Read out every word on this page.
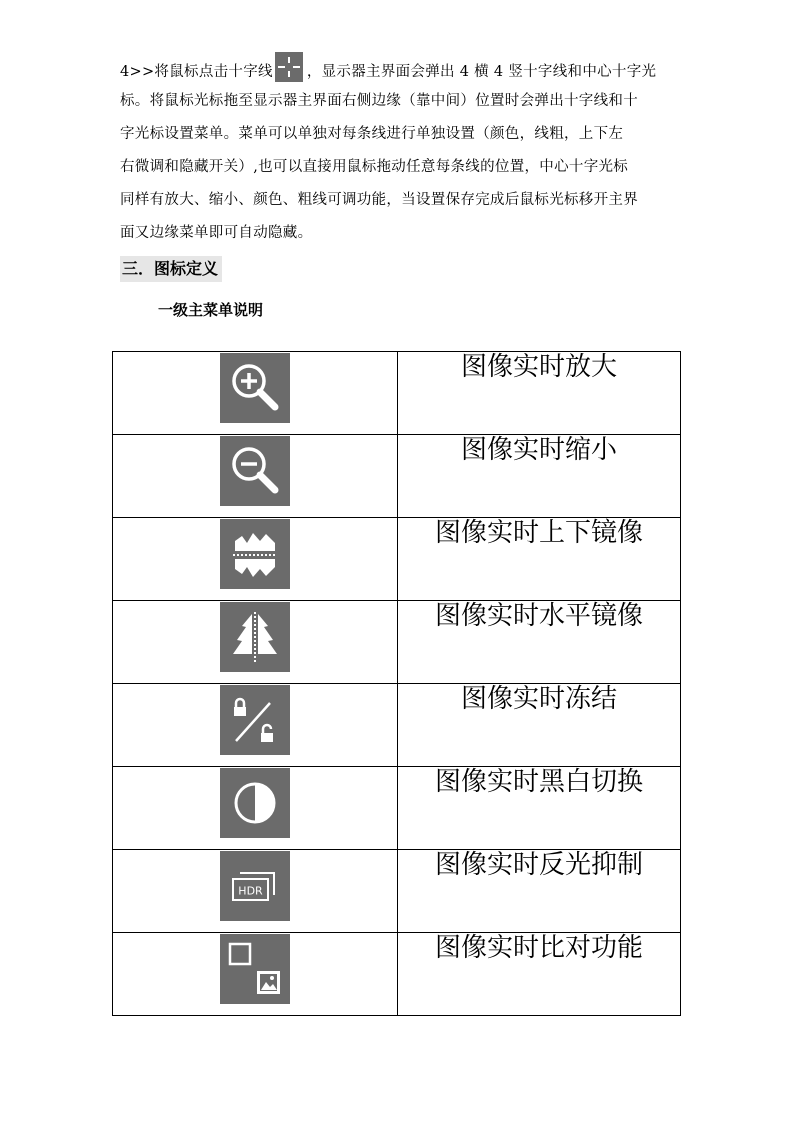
4>>将鼠标点击十字线 ，显示器主界面会弹出 4 横 4 竖十字线和中心十字光
标。将鼠标光标拖至显示器主界面右侧边缘（靠中间）位置时会弹出十字线和十
字光标设置菜单。菜单可以单独对每条线进行单独设置（颜色，线粗，上下左
右微调和隐藏开关）,也可以直接用鼠标拖动任意每条线的位置，中心十字光标
同样有放大、缩小、颜色、粗线可调功能，当设置保存完成后鼠标光标移开主界
面又边缘菜单即可自动隐藏。
三．图标定义
一级主菜单说明
	图像实时放大

	图像实时缩小

	图像实时上下镜像

	图像实时水平镜像

	图像实时冻结

	图像实时黑白切换

HDR	图像实时反光抑制

	图像实时比对功能
